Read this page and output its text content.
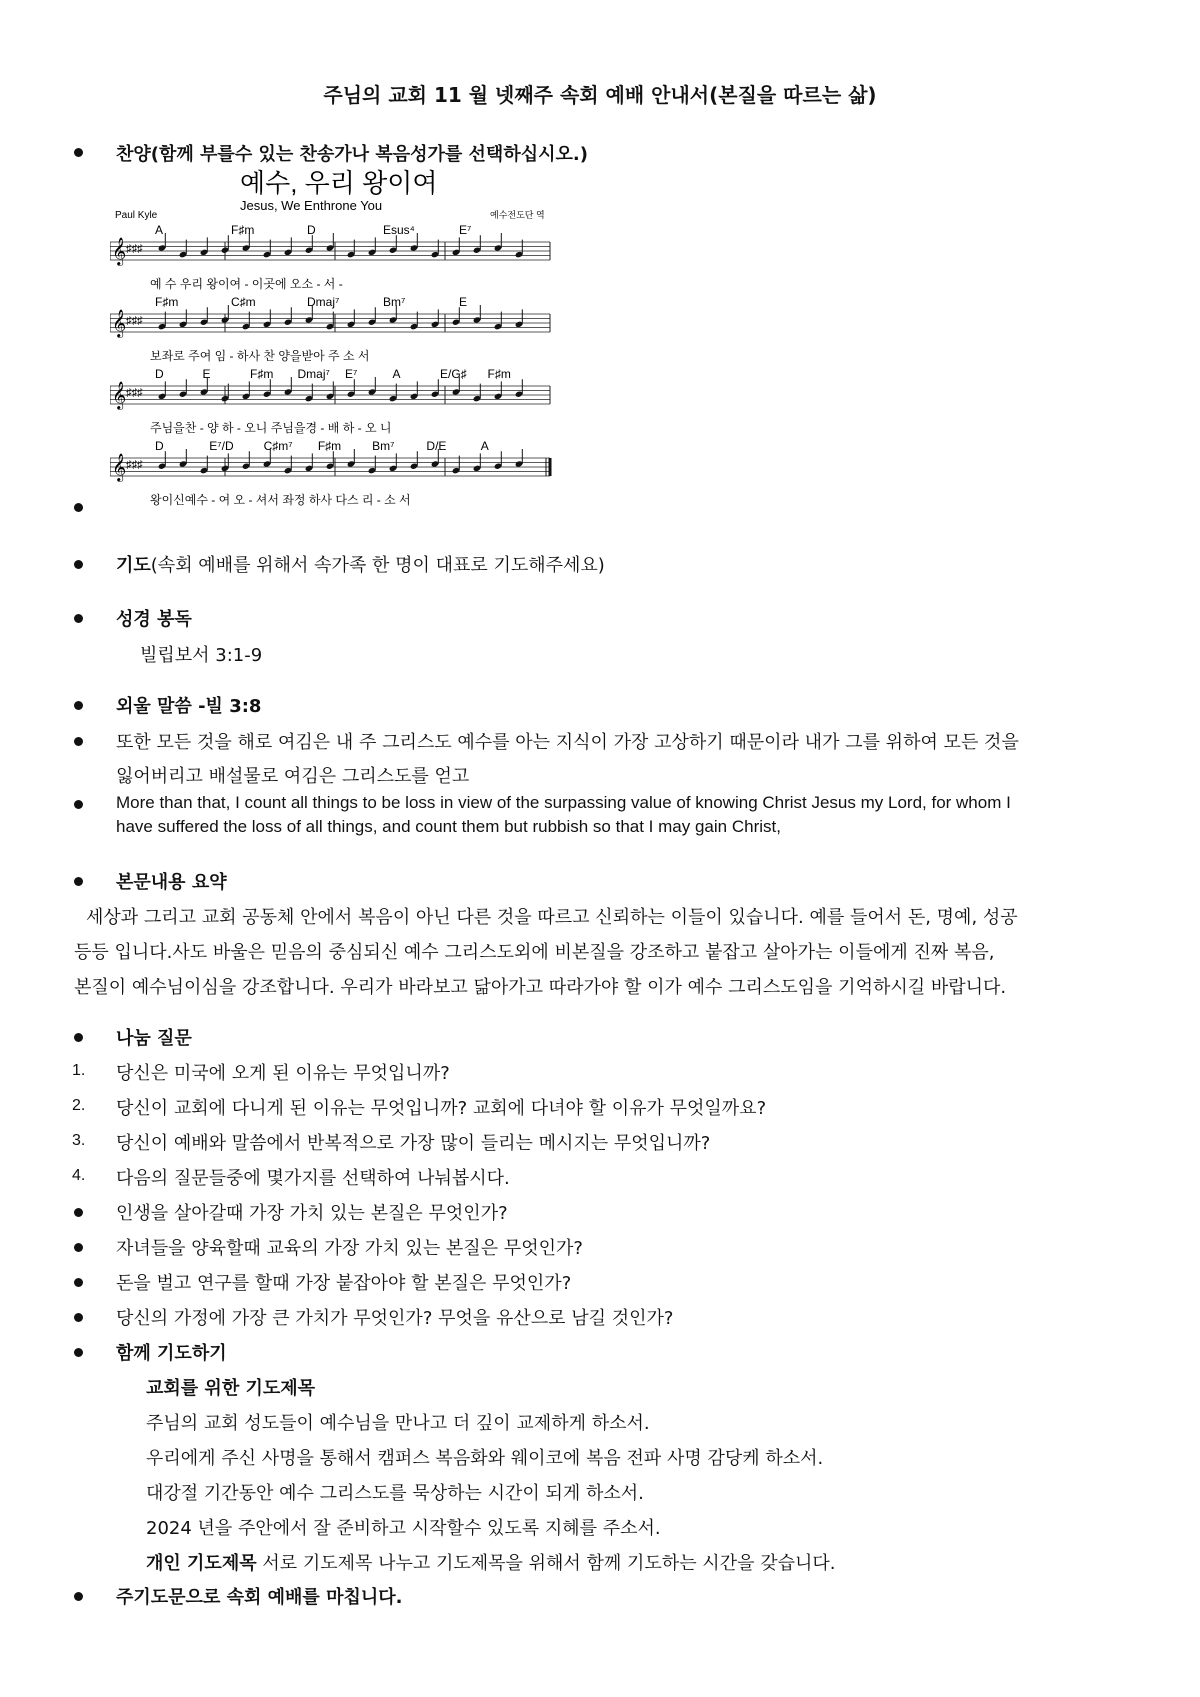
주님의 교회 11 월 넷째주 속회 예배 안내서(본질을 따르는 삶)
찬양(함께 부를수 있는 찬송가나 복음성가를 선택하십시오.)
예수, 우리 왕이여
Jesus, We Enthrone You
Paul Kyle	예수전도단 역
𝄞 ♯♯♯
𝄞 ♯♯♯
𝄞 ♯♯♯
𝄞 ♯♯♯
A	F♯m	D	Esus⁴	E⁷
F♯m	C♯m	Dmaj⁷	Bm⁷	E
D	E	F♯m Dmaj⁷ E⁷	A	E/G♯ F♯m
D	E⁷/D C♯m⁷ F♯m	Bm⁷	D/E	A
예 수 우리 왕이여 - 이곳에 오소 - 서 -
보좌로 주여 임 - 하사 찬 양을받아 주 소 서
주님을찬 - 양 하 - 오니 주님을경 - 배 하 - 오 니
왕이신예수 - 여 오 - 셔서 좌정 하사 다스 리 - 소 서
기도(속회 예배를 위해서 속가족 한 명이 대표로 기도해주세요)
성경 봉독
빌립보서 3:1-9
외울 말씀 -빌 3:8
또한 모든 것을 해로 여김은 내 주 그리스도 예수를 아는 지식이 가장 고상하기 때문이라 내가 그를 위하여 모든 것을
잃어버리고 배설물로 여김은 그리스도를 얻고
More than that, I count all things to be loss in view of the surpassing value of knowing Christ Jesus my Lord, for whom I
have suffered the loss of all things, and count them but rubbish so that I may gain Christ,
본문내용 요약
세상과 그리고 교회 공동체 안에서 복음이 아닌 다른 것을 따르고 신뢰하는 이들이 있습니다. 예를 들어서 돈, 명예, 성공
등등 입니다.사도 바울은 믿음의 중심되신 예수 그리스도외에 비본질을 강조하고 붙잡고 살아가는 이들에게 진짜 복음,
본질이 예수님이심을 강조합니다. 우리가 바라보고 닮아가고 따라가야 할 이가 예수 그리스도임을 기억하시길 바랍니다.
나눔 질문
1. 당신은 미국에 오게 된 이유는 무엇입니까?
2. 당신이 교회에 다니게 된 이유는 무엇입니까? 교회에 다녀야 할 이유가 무엇일까요?
3. 당신이 예배와 말씀에서 반복적으로 가장 많이 들리는 메시지는 무엇입니까?
4. 다음의 질문들중에 몇가지를 선택하여 나눠봅시다.
인생을 살아갈때 가장 가치 있는 본질은 무엇인가?
자녀들을 양육할때 교육의 가장 가치 있는 본질은 무엇인가?
돈을 벌고 연구를 할때 가장 붙잡아야 할 본질은 무엇인가?
당신의 가정에 가장 큰 가치가 무엇인가? 무엇을 유산으로 남길 것인가?
함께 기도하기
교회를 위한 기도제목
주님의 교회 성도들이 예수님을 만나고 더 깊이 교제하게 하소서.
우리에게 주신 사명을 통해서 캠퍼스 복음화와 웨이코에 복음 전파 사명 감당케 하소서.
대강절 기간동안 예수 그리스도를 묵상하는 시간이 되게 하소서.
2024 년을 주안에서 잘 준비하고 시작할수 있도록 지혜를 주소서.
개인 기도제목 서로 기도제목 나누고 기도제목을 위해서 함께 기도하는 시간을 갖습니다.
주기도문으로 속회 예배를 마칩니다.
